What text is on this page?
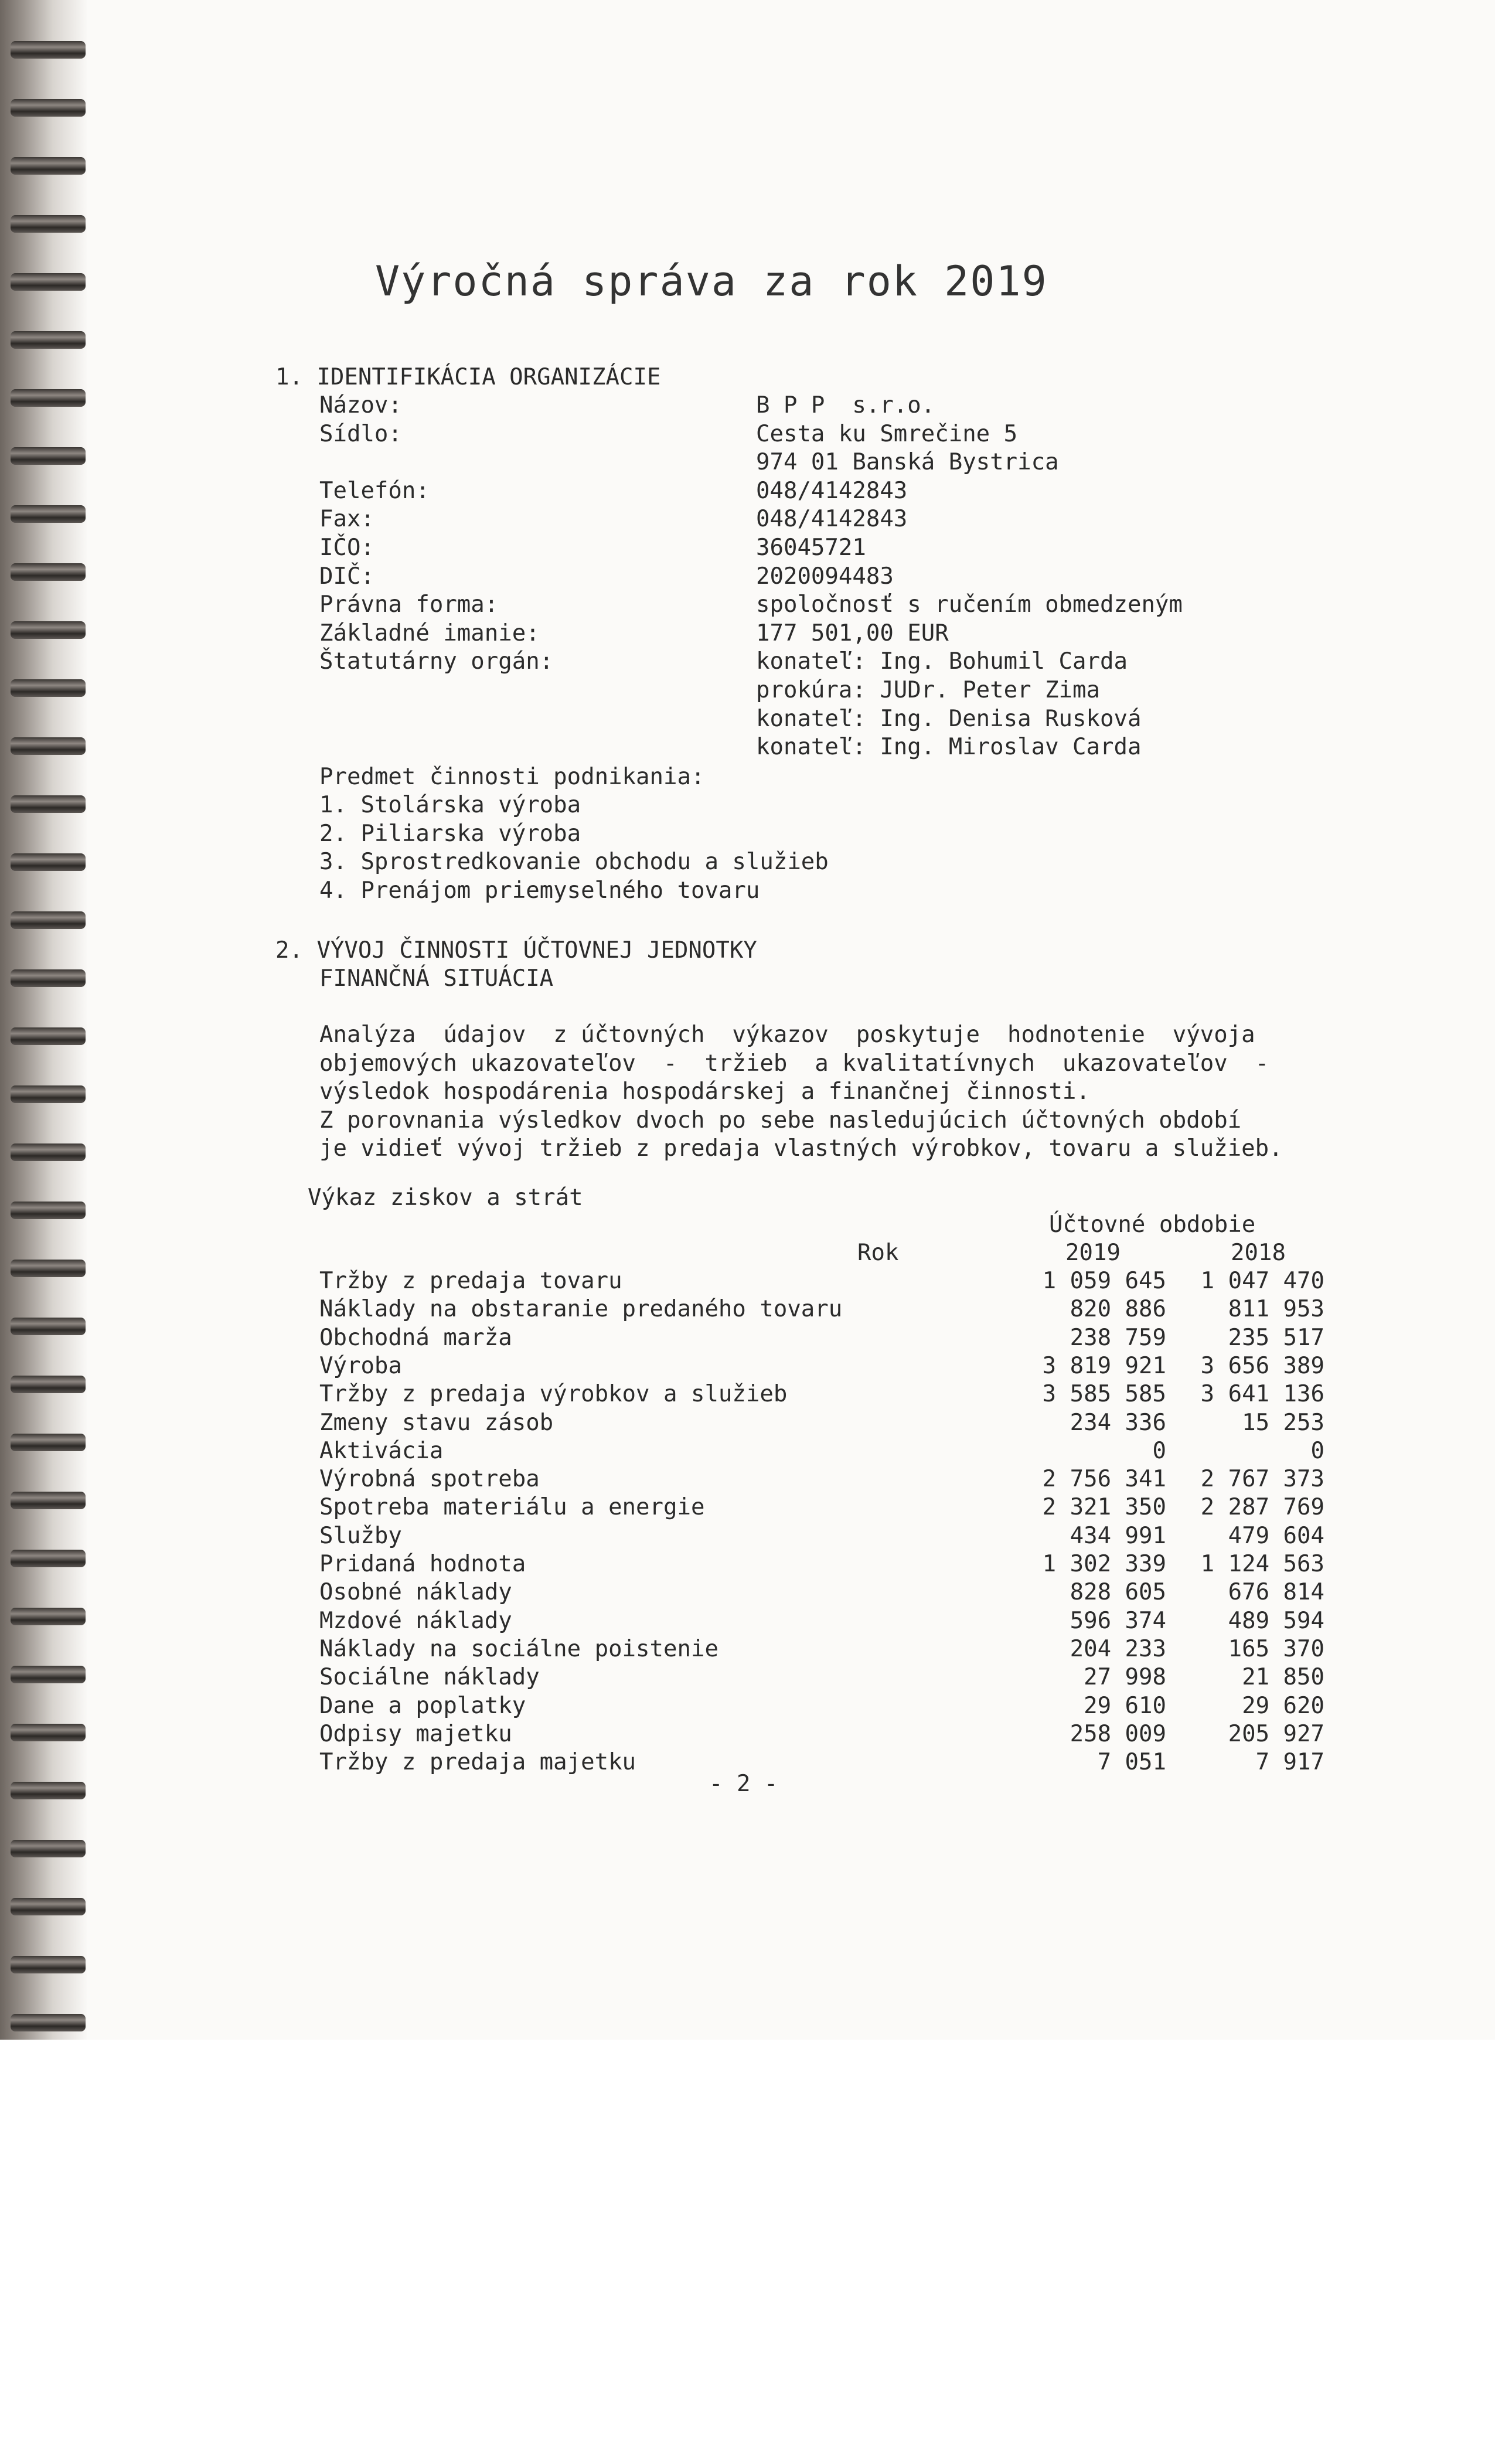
Výročná správa za rok 2019
1. IDENTIFIKÁCIA ORGANIZÁCIE
Názov:	B P P  s.r.o.
Sídlo:	Cesta ku Smrečine 5
974 01 Banská Bystrica
Telefón:	048/4142843
Fax:	048/4142843
IČO:	36045721
DIČ:	2020094483
Právna forma:	spoločnosť s ručením obmedzeným
Základné imanie:	177 501,00 EUR
Štatutárny orgán:	konateľ: Ing. Bohumil Carda
prokúra: JUDr. Peter Zima
konateľ: Ing. Denisa Rusková
konateľ: Ing. Miroslav Carda
Predmet činnosti podnikania:
1. Stolárska výroba
2. Piliarska výroba
3. Sprostredkovanie obchodu a služieb
4. Prenájom priemyselného tovaru
2. VÝVOJ ČINNOSTI ÚČTOVNEJ JEDNOTKY
FINANČNÁ SITUÁCIA
Analýza  údajov  z účtovných  výkazov  poskytuje  hodnotenie  vývoja
objemových ukazovateľov  -  tržieb  a kvalitatívnych  ukazovateľov  -
výsledok hospodárenia hospodárskej a finančnej činnosti.
Z porovnania výsledkov dvoch po sebe nasledujúcich účtovných období
je vidieť vývoj tržieb z predaja vlastných výrobkov, tovaru a služieb.
Výkaz ziskov a strát
Účtovné obdobie
Rok	2019	2018
Tržby z predaja tovaru	1 059 645	1 047 470
Náklady na obstaranie predaného tovaru	820 886	811 953
Obchodná marža	238 759	235 517
Výroba	3 819 921	3 656 389
Tržby z predaja výrobkov a služieb	3 585 585	3 641 136
Zmeny stavu zásob	234 336	15 253
Aktivácia	0	0
Výrobná spotreba	2 756 341	2 767 373
Spotreba materiálu a energie	2 321 350	2 287 769
Služby	434 991	479 604
Pridaná hodnota	1 302 339	1 124 563
Osobné náklady	828 605	676 814
Mzdové náklady	596 374	489 594
Náklady na sociálne poistenie	204 233	165 370
Sociálne náklady	27 998	21 850
Dane a poplatky	29 610	29 620
Odpisy majetku	258 009	205 927
Tržby z predaja majetku	7 051	7 917
- 2 -
